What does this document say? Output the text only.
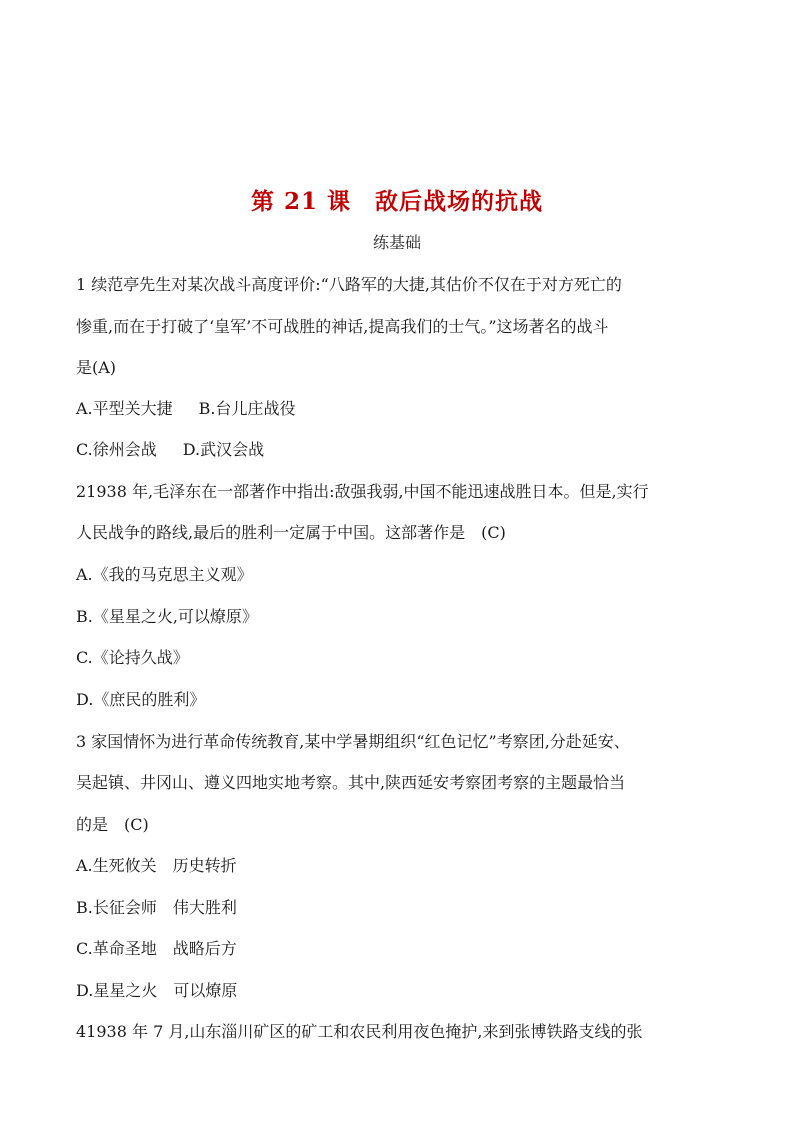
第 21 课　敌后战场的抗战
练基础
1 续范亭先生对某次战斗高度评价:“八路军的大捷,其估价不仅在于对方死亡的
惨重,而在于打破了‘皇军’不可战胜的神话,提高我们的士气。”这场著名的战斗
是(A)
A.平型关大捷 B.台儿庄战役
C.徐州会战 D.武汉会战
21938 年,毛泽东在一部著作中指出:敌强我弱,中国不能迅速战胜日本。但是,实行
人民战争的路线,最后的胜利一定属于中国。这部著作是　(C)
A.《我的马克思主义观》
B.《星星之火,可以燎原》
C.《论持久战》
D.《庶民的胜利》
3 家国情怀为进行革命传统教育,某中学暑期组织“红色记忆”考察团,分赴延安、
吴起镇、井冈山、遵义四地实地考察。其中,陕西延安考察团考察的主题最恰当
的是　(C)
A.生死攸关　历史转折
B.长征会师　伟大胜利
C.革命圣地　战略后方
D.星星之火　可以燎原
41938 年 7 月,山东淄川矿区的矿工和农民利用夜色掩护,来到张博铁路支线的张
